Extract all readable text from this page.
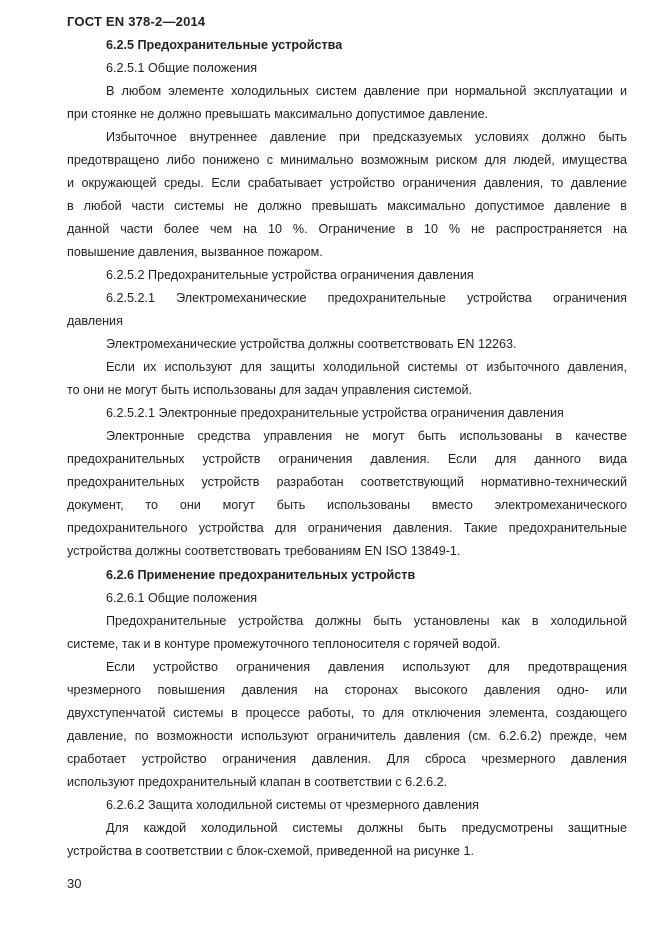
ГОСТ EN 378-2—2014
6.2.5 Предохранительные устройства
6.2.5.1 Общие положения
В любом элементе холодильных систем давление при нормальной эксплуатации и
при стоянке не должно превышать максимально допустимое давление.
Избыточное внутреннее давление при предсказуемых условиях должно быть
предотвращено либо понижено с минимально возможным риском для людей, имущества
и окружающей среды. Если срабатывает устройство ограничения давления, то давление
в любой части системы не должно превышать максимально допустимое давление в
данной части более чем на 10 %. Ограничение в 10 % не распространяется на
повышение давления, вызванное пожаром.
6.2.5.2 Предохранительные устройства ограничения давления
6.2.5.2.1 Электромеханические предохранительные устройства ограничения
давления
Электромеханические устройства должны соответствовать EN 12263.
Если их используют для защиты холодильной системы от избыточного давления,
то они не могут быть использованы для задач управления системой.
6.2.5.2.1 Электронные предохранительные устройства ограничения давления
Электронные средства управления не могут быть использованы в качестве
предохранительных устройств ограничения давления. Если для данного вида
предохранительных устройств разработан соответствующий нормативно-технический
документ, то они могут быть использованы вместо электромеханического
предохранительного устройства для ограничения давления. Такие предохранительные
устройства должны соответствовать требованиям EN ISO 13849-1.
6.2.6 Применение предохранительных устройств
6.2.6.1 Общие положения
Предохранительные устройства должны быть установлены как в холодильной
системе, так и в контуре промежуточного теплоносителя с горячей водой.
Если устройство ограничения давления используют для предотвращения
чрезмерного повышения давления на сторонах высокого давления одно- или
двухступенчатой системы в процессе работы, то для отключения элемента, создающего
давление, по возможности используют ограничитель давления (см. 6.2.6.2) прежде, чем
сработает устройство ограничения давления. Для сброса чрезмерного давления
используют предохранительный клапан в соответствии с 6.2.6.2.
6.2.6.2 Защита холодильной системы от чрезмерного давления
Для каждой холодильной системы должны быть предусмотрены защитные
устройства в соответствии с блок-схемой, приведенной на рисунке 1.
30
